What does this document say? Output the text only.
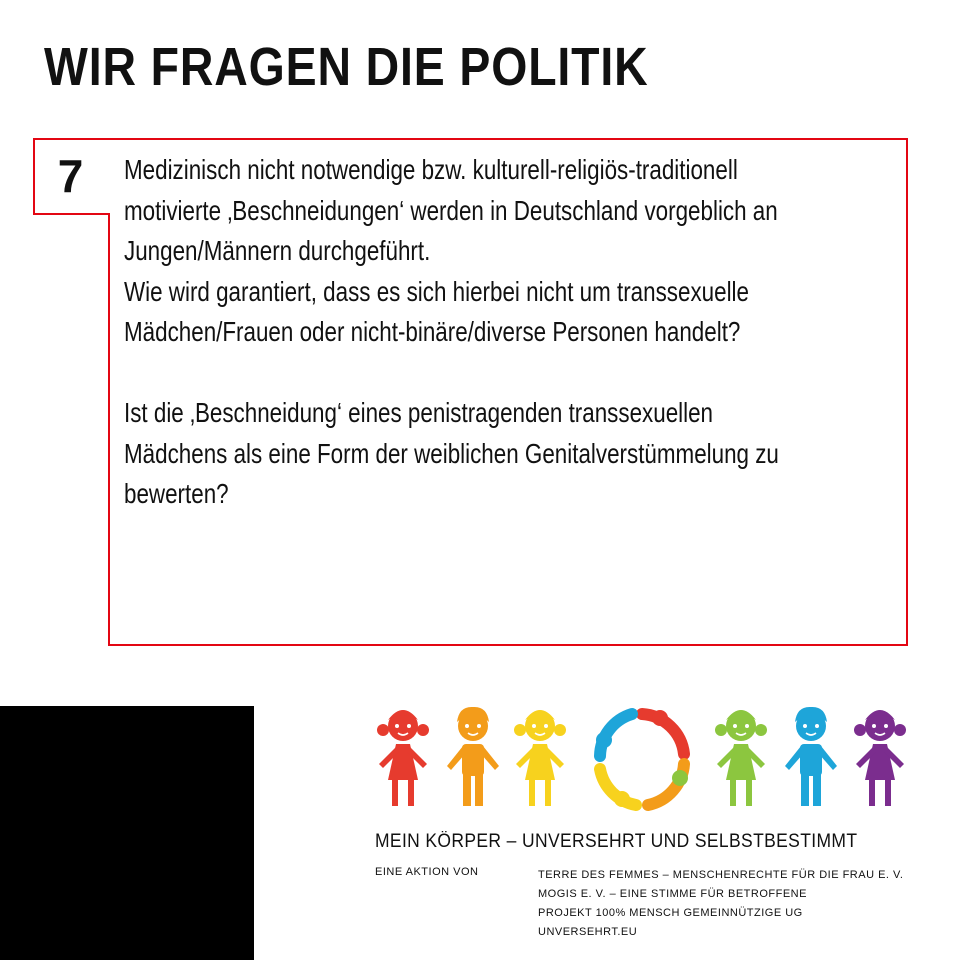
WIR FRAGEN DIE POLITIK
7	Medizinisch nicht notwendige bzw. kulturell-religiös-traditionell
motivierte ‚Beschneidungen‘ werden in Deutschland vorgeblich an
Jungen/Männern durchgeführt.
Wie wird garantiert, dass es sich hierbei nicht um transsexuelle
Mädchen/Frauen oder nicht-binäre/diverse Personen handelt?

Ist die ‚Beschneidung‘ eines penistragenden transsexuellen
Mädchens als eine Form der weiblichen Genitalverstümmelung zu
bewerten?

MEIN KÖRPER – UNVERSEHRT UND SELBSTBESTIMMT
EINE AKTION VON	TERRE DES FEMMES – MENSCHENRECHTE FÜR DIE FRAU E. V.
MOGIS E. V. – EINE STIMME FÜR BETROFFENE
PROJEKT 100% MENSCH GEMEINNÜTZIGE UG
UNVERSEHRT.EU
